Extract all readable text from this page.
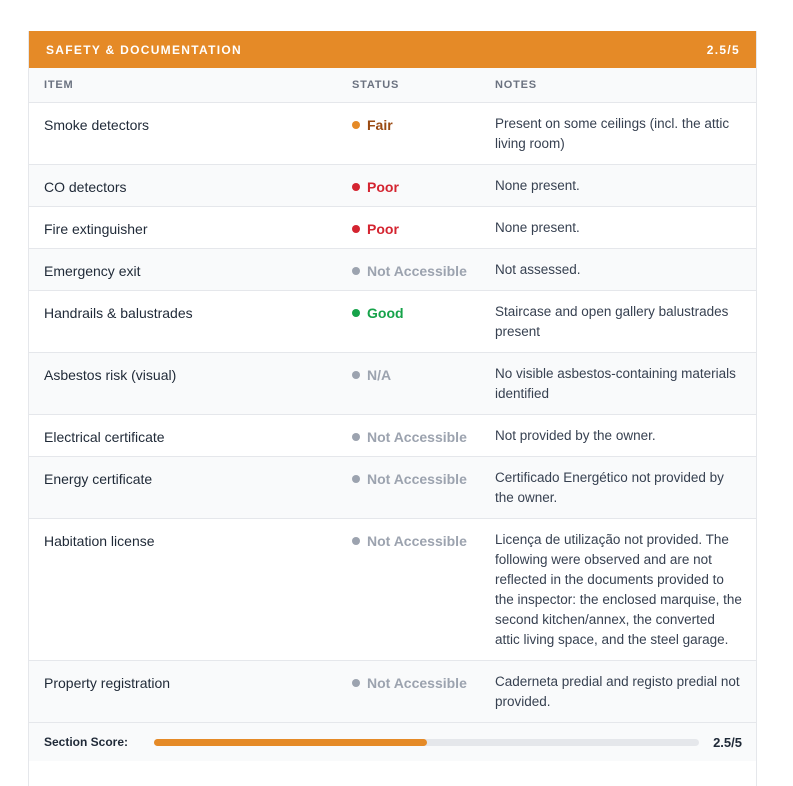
SAFETY & DOCUMENTATION	2.5/5
ITEM	STATUS	NOTES
Smoke detectors	Fair	Present on some ceilings (incl. the attic living room)
CO detectors	Poor	None present.
Fire extinguisher	Poor	None present.
Emergency exit	Not Accessible	Not assessed.
Handrails & balustrades	Good	Staircase and open gallery balustrades present
Asbestos risk (visual)	N/A	No visible asbestos-containing materials identified
Electrical certificate	Not Accessible	Not provided by the owner.
Energy certificate	Not Accessible	Certificado Energético not provided by the owner.
Habitation license	Not Accessible	Licença de utilização not provided. The following were observed and are not reflected in the documents provided to the inspector: the enclosed marquise, the second kitchen/annex, the converted attic living space, and the steel garage.
Property registration	Not Accessible	Caderneta predial and registo predial not provided.
Section Score:	2.5/5
